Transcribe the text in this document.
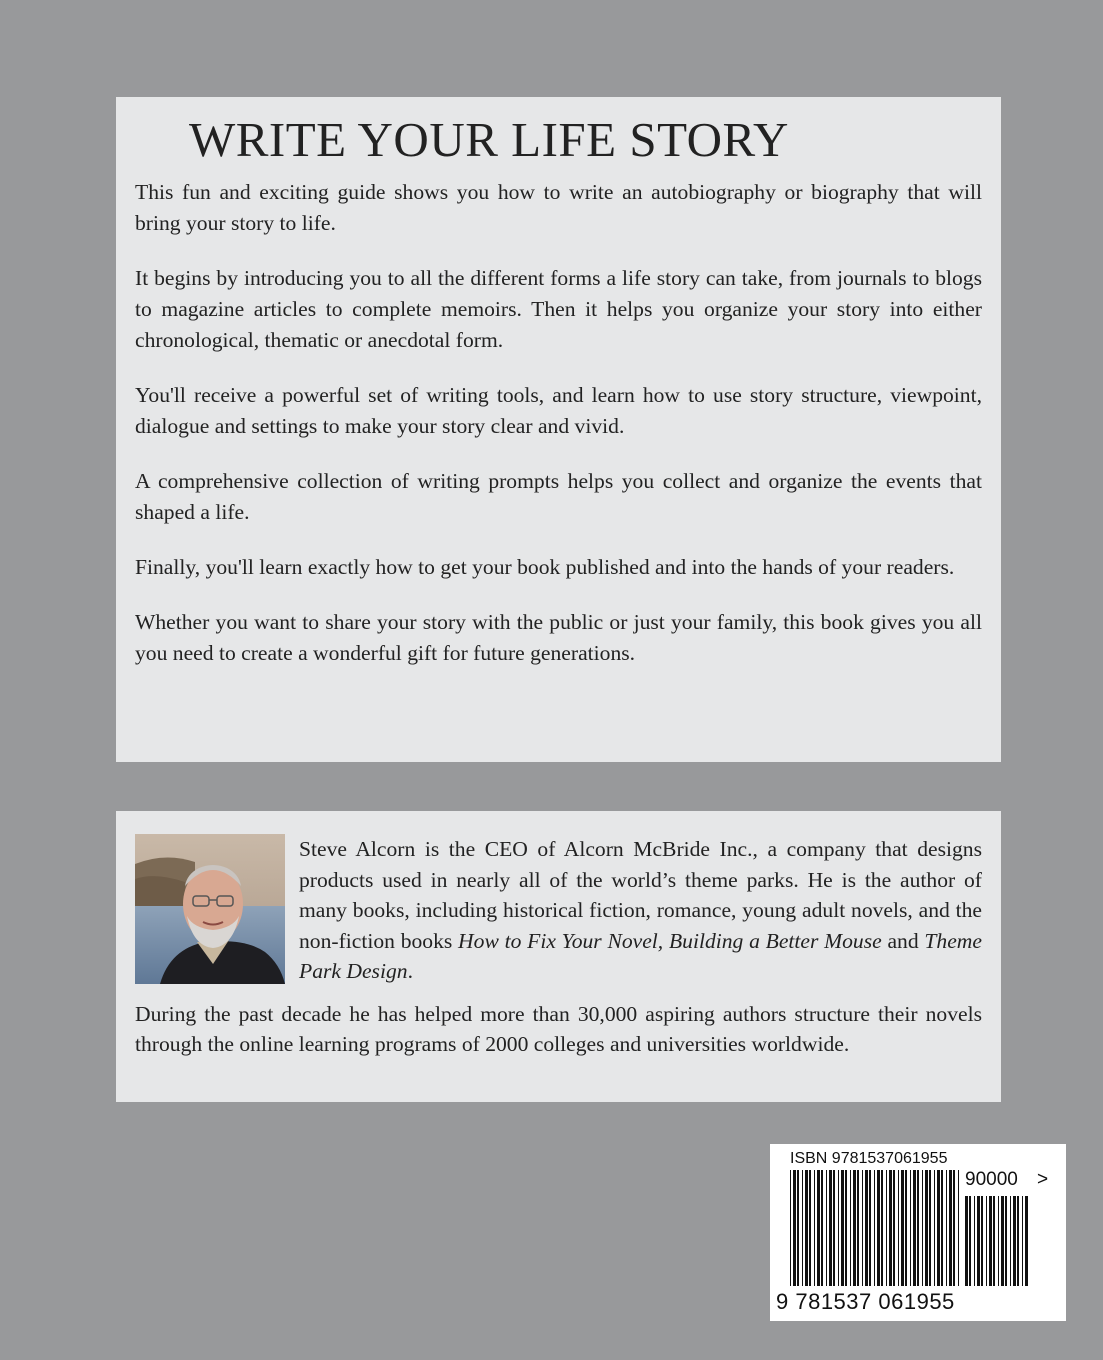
WRITE YOUR LIFE STORY

This fun and exciting guide shows you how to write an autobiography or biography that will bring your story to life.

It begins by introducing you to all the different forms a life story can take, from journals to blogs to magazine articles to complete memoirs. Then it helps you organize your story into either chronological, thematic or anecdotal form.

You'll receive a powerful set of writing tools, and learn how to use story structure, viewpoint, dialogue and settings to make your story clear and vivid.

A comprehensive collection of writing prompts helps you collect and organize the events that shaped a life.

Finally, you'll learn exactly how to get your book published and into the hands of your readers.

Whether you want to share your story with the public or just your family, this book gives you all you need to create a wonderful gift for future generations.

Steve Alcorn is the CEO of Alcorn McBride Inc., a company that designs products used in nearly all of the world’s theme parks. He is the author of many books, including historical fiction, romance, young adult novels, and the non-fiction books How to Fix Your Novel, Building a Better Mouse and Theme Park Design.

During the past decade he has helped more than 30,000 aspiring authors structure their novels through the online learning programs of 2000 colleges and universities worldwide.

ISBN 9781537061955
90000 >
9 781537 061955
